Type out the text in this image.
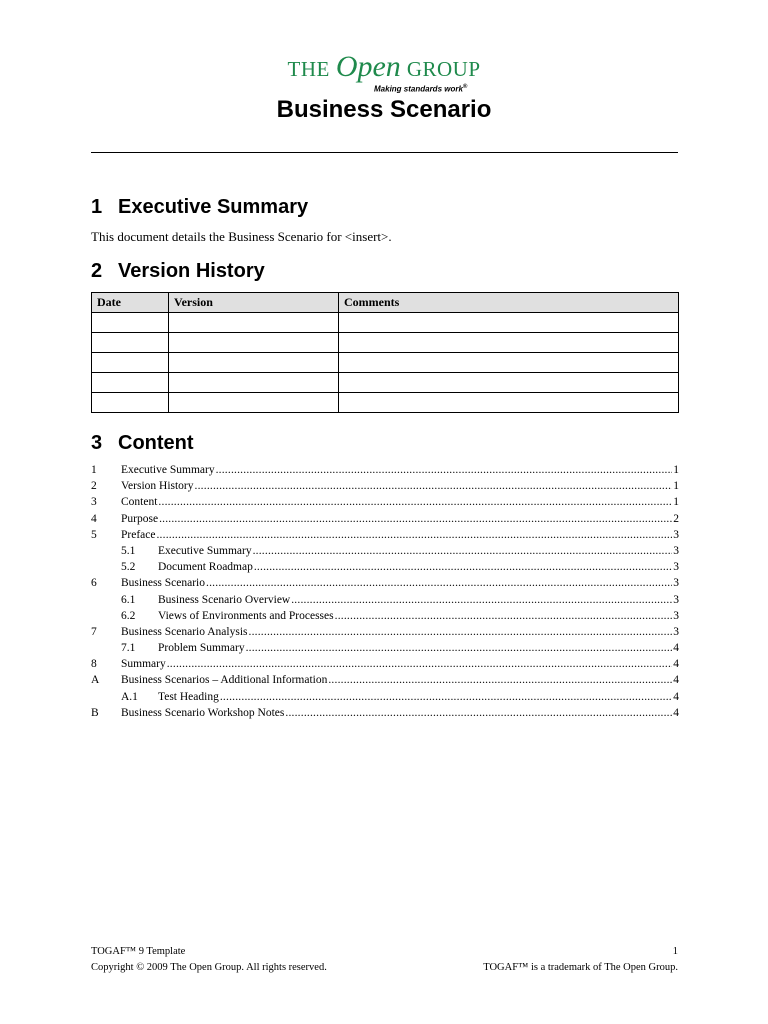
THE Open GROUP
Making standards work®
Business Scenario
1 Executive Summary
This document details the Business Scenario for <insert>.
2 Version History
Date	Version	Comments

3 Content
1	Executive Summary .....	1
2	Version History .....	1
3	Content .....	1
4	Purpose .....	2
5	Preface .....	3
5.1	Executive Summary .....	3
5.2	Document Roadmap .....	3
6	Business Scenario .....	3
6.1	Business Scenario Overview .....	3
6.2	Views of Environments and Processes .....	3
7	Business Scenario Analysis .....	3
7.1	Problem Summary .....	4
8	Summary .....	4
A	Business Scenarios – Additional Information .....	4
A.1	Test Heading .....	4
B	Business Scenario Workshop Notes .....	4
TOGAF™ 9 Template	1
Copyright © 2009 The Open Group. All rights reserved.	TOGAF™ is a trademark of The Open Group.
